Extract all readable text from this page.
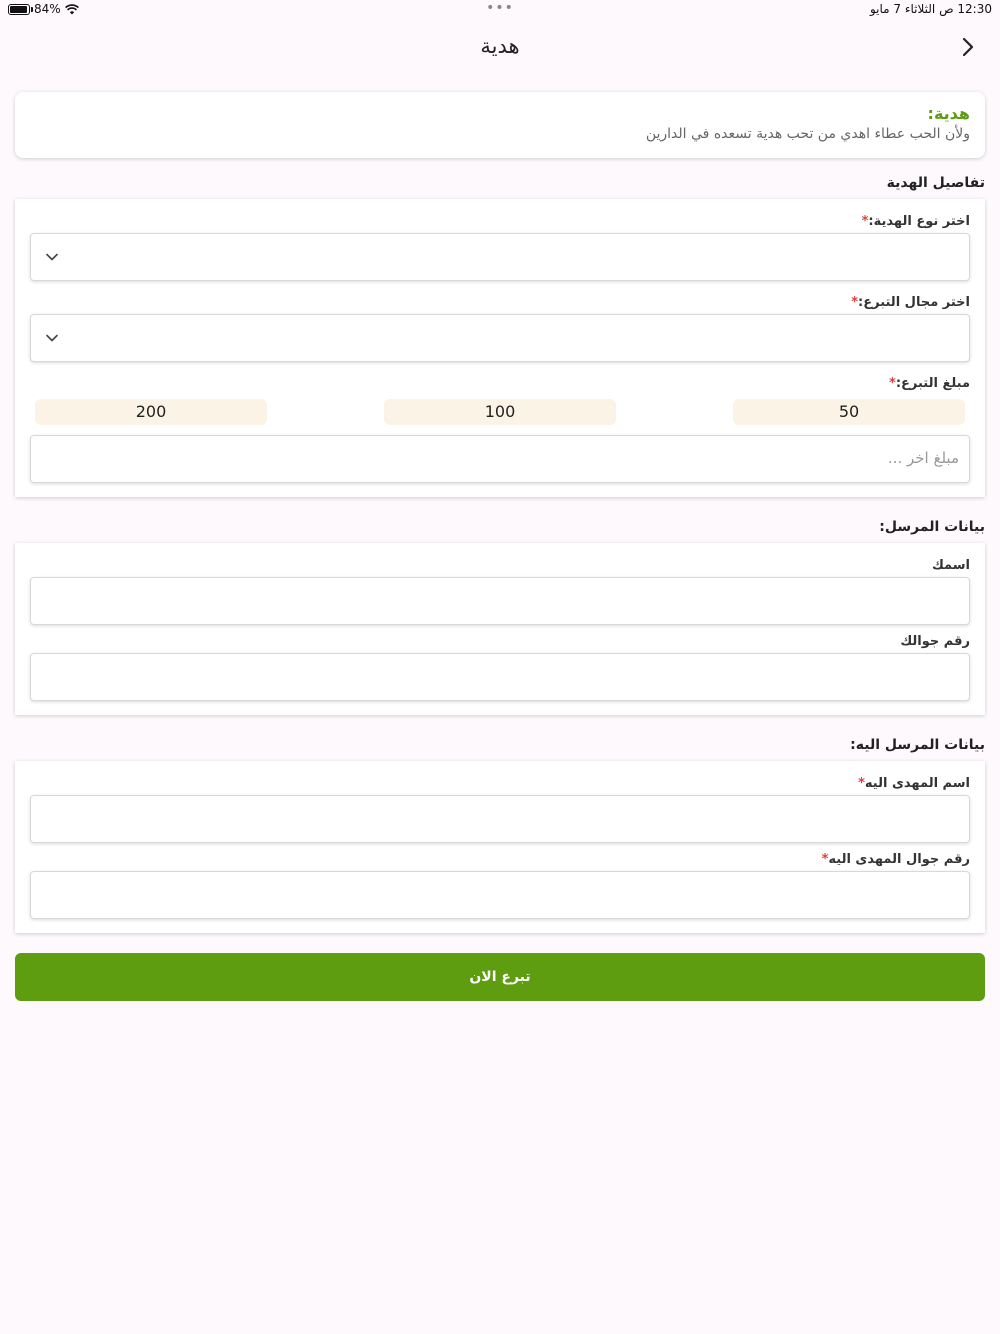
84%	•••	12:30 ص الثلاثاء 7 مايو
هدية
هدية:
ولأن الحب عطاء اهدي من تحب هدية تسعده في الدارين
تفاصيل الهدية
اختر نوع الهدية:*
اختر مجال التبرع:*
مبلغ التبرع:*
50
100
200
مبلغ اخر ...
بيانات المرسل:
اسمك
رقم جوالك
بيانات المرسل اليه:
اسم المهدى اليه*
رقم جوال المهدى اليه*
تبرع الان
